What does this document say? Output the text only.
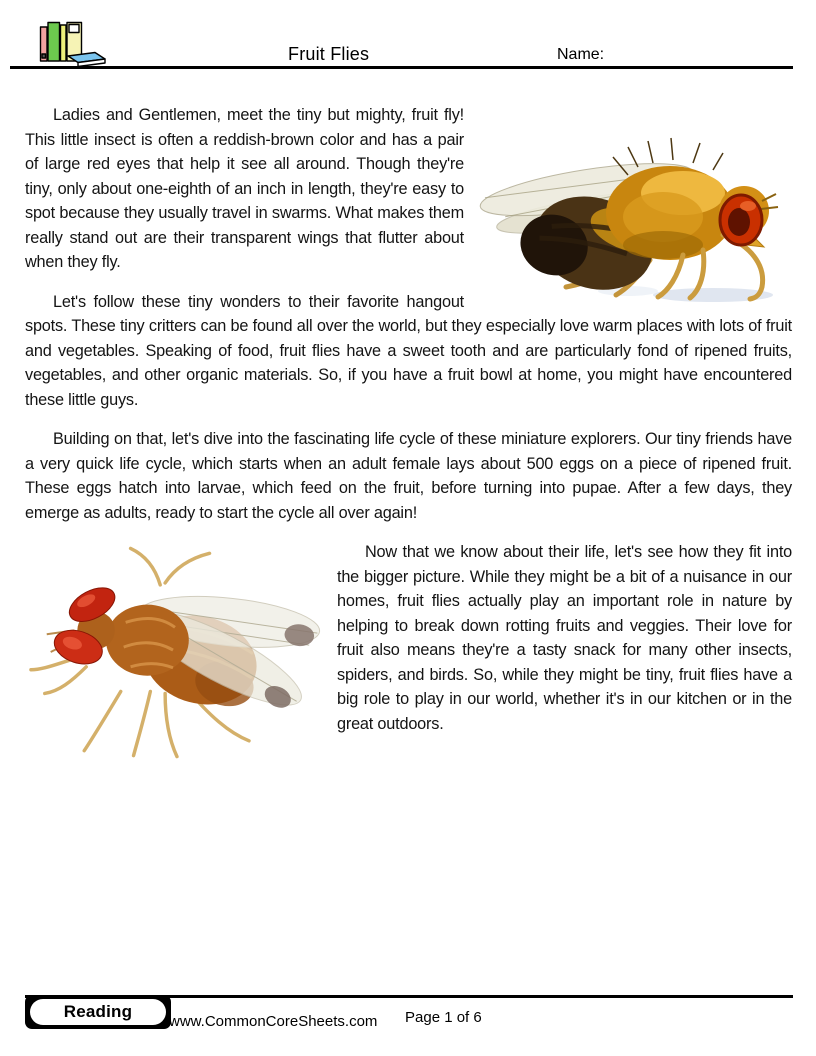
Fruit Flies	Name:

Ladies and Gentlemen, meet the tiny but mighty, fruit fly! This little insect is often a reddish-brown color and has a pair of large red eyes that help it see all around. Though they're tiny, only about one-eighth of an inch in length, they're easy to spot because they usually travel in swarms. What makes them really stand out are their transparent wings that flutter about when they fly.

Let's follow these tiny wonders to their favorite hangout spots. These tiny critters can be found all over the world, but they especially love warm places with lots of fruit and vegetables. Speaking of food, fruit flies have a sweet tooth and are particularly fond of ripened fruits, vegetables, and other organic materials. So, if you have a fruit bowl at home, you might have encountered these little guys.

Building on that, let's dive into the fascinating life cycle of these miniature explorers. Our tiny friends have a very quick life cycle, which starts when an adult female lays about 500 eggs on a piece of ripened fruit. These eggs hatch into larvae, which feed on the fruit, before turning into pupae. After a few days, they emerge as adults, ready to start the cycle all over again!

Now that we know about their life, let's see how they fit into the bigger picture. While they might be a bit of a nuisance in our homes, fruit flies actually play an important role in nature by helping to break down rotting fruits and veggies. Their love for fruit also means they're a tasty snack for many other insects, spiders, and birds. So, while they might be tiny, fruit flies have a big role to play in our world, whether it's in our kitchen or in the great outdoors.

Reading
www.CommonCoreSheets.com Page 1 of 6
